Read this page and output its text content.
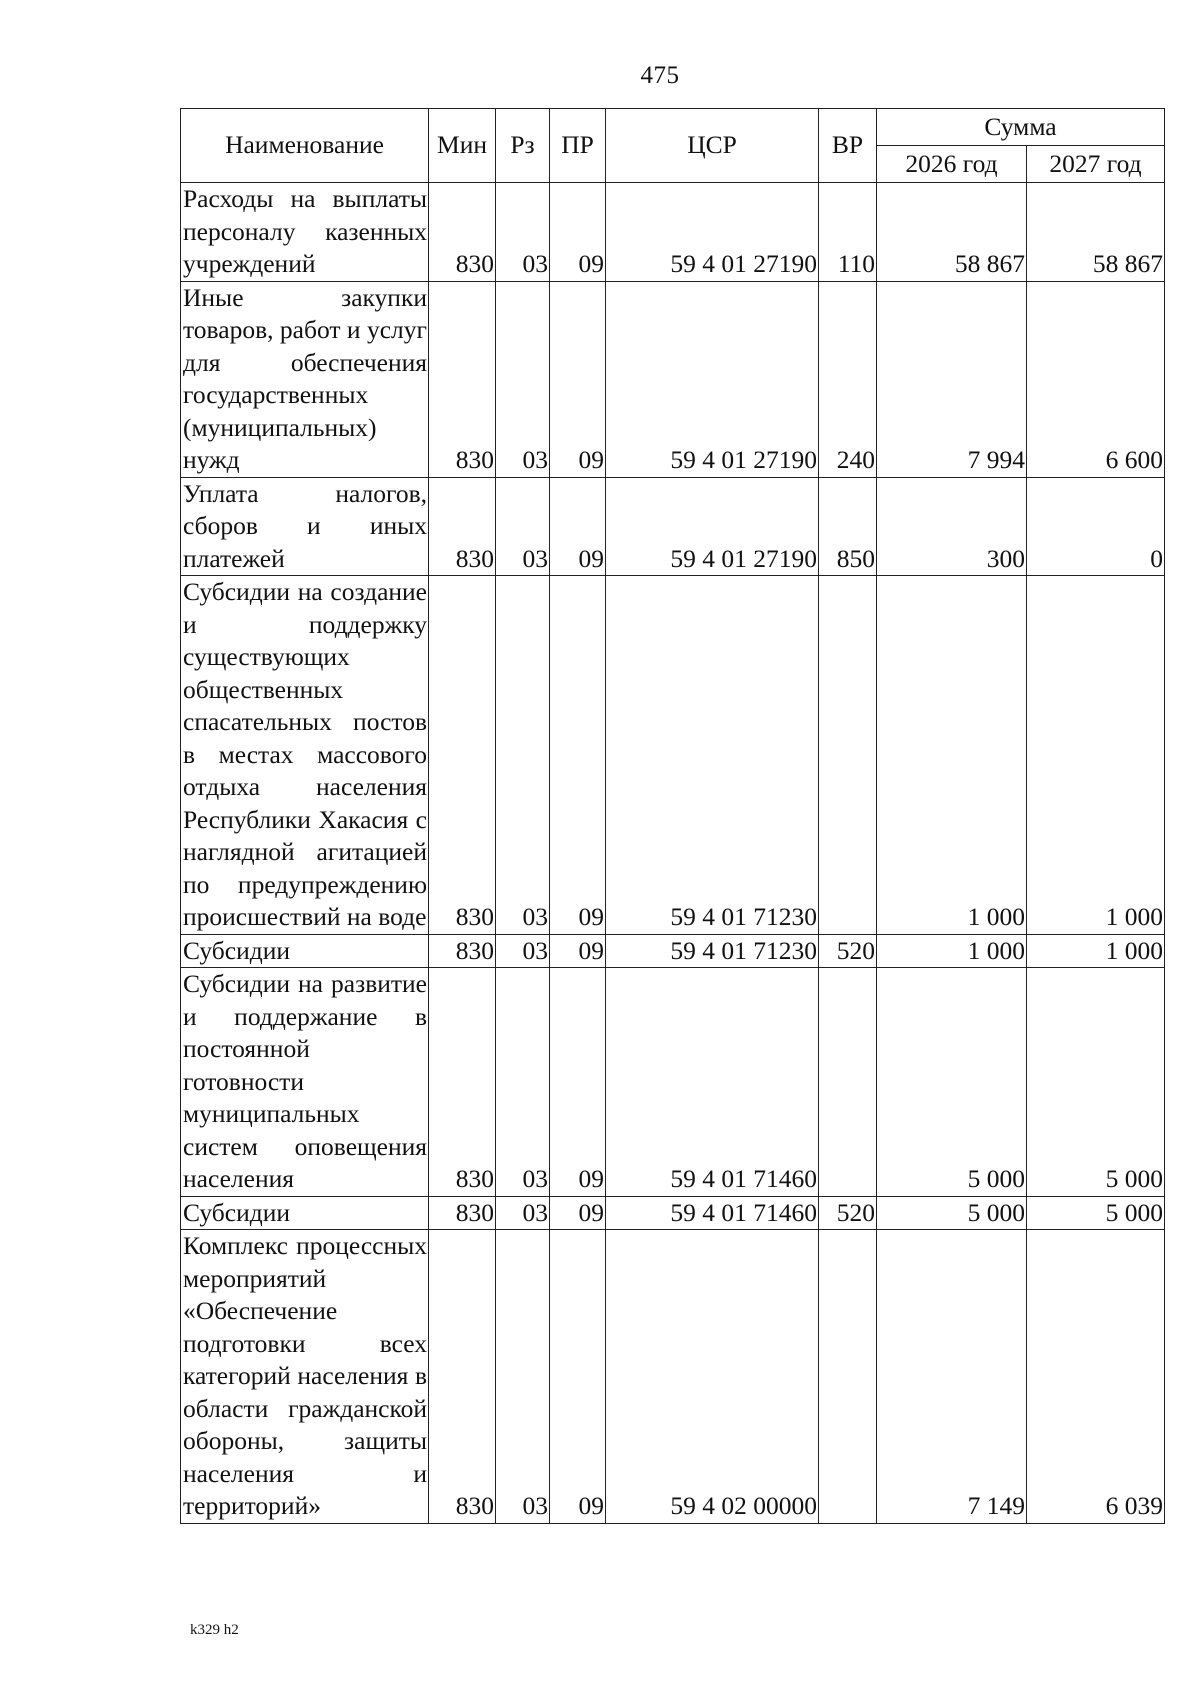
475
Наименование	Мин	Рз	ПР	ЦСР	ВР	Сумма	
						2026 год	2027 год

Расходы на выплаты персоналу казенных учреждений	830	03	09	59 4 01 27190	110	58 867	58 867

Иные закупки товаров, работ и услуг для обеспечения государственных (муниципальных) нужд	830	03	09	59 4 01 27190	240	7 994	6 600

Уплата налогов, сборов и иных платежей	830	03	09	59 4 01 27190	850	300	0

Субсидии на создание и поддержку существующих общественных спасательных постов в местах массового отдыха населения Республики Хакасия с наглядной агитацией по предупреждению происшествий на воде	830	03	09	59 4 01 71230		1 000	1 000

Субсидии	830	03	09	59 4 01 71230	520	1 000	1 000

Субсидии на развитие и поддержание в постоянной готовности муниципальных систем оповещения населения	830	03	09	59 4 01 71460		5 000	5 000

Субсидии	830	03	09	59 4 01 71460	520	5 000	5 000

Комплекс процессных мероприятий «Обеспечение подготовки всех категорий населения в области гражданской обороны, защиты населения и территорий»	830	03	09	59 4 02 00000		7 149	6 039
k329 h2
